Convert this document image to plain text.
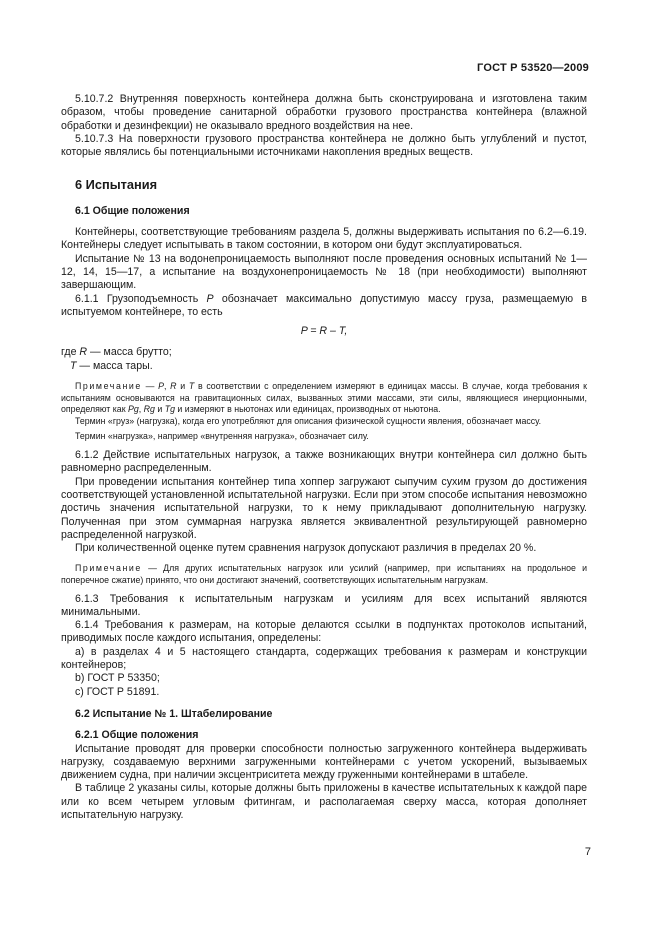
ГОСТ Р 53520—2009

5.10.7.2 Внутренняя поверхность контейнера должна быть сконструирована и изготовлена таким образом, чтобы проведение санитарной обработки грузового пространства контейнера (влажной обработки и дезинфекции) не оказывало вредного воздействия на нее.

5.10.7.3 На поверхности грузового пространства контейнера не должно быть углублений и пустот, которые являлись бы потенциальными источниками накопления вредных веществ.

6 Испытания

6.1 Общие положения

Контейнеры, соответствующие требованиям раздела 5, должны выдерживать испытания по 6.2—6.19. Контейнеры следует испытывать в таком состоянии, в котором они будут эксплуатироваться.

Испытание № 13 на водонепроницаемость выполняют после проведения основных испытаний № 1—12, 14, 15—17, а испытание на воздухонепроницаемость № 18 (при необходимости) выполняют завершающим.

6.1.1 Грузоподъемность P обозначает максимально допустимую массу груза, размещаемую в испытуемом контейнере, то есть

P = R – T,

где R — масса брутто;

T — масса тары.

Примечание — P, R и T в соответствии с определением измеряют в единицах массы. В случае, когда требования к испытаниям основываются на гравитационных силах, вызванных этими массами, эти силы, являющиеся инерционными, определяют как Pg, Rg и Tg и измеряют в ньютонах или единицах, производных от ньютона.

Термин «груз» (нагрузка), когда его употребляют для описания физической сущности явления, обозначает массу.

Термин «нагрузка», например «внутренняя нагрузка», обозначает силу.

6.1.2 Действие испытательных нагрузок, а также возникающих внутри контейнера сил должно быть равномерно распределенным.

При проведении испытания контейнер типа хоппер загружают сыпучим сухим грузом до достижения соответствующей установленной испытательной нагрузки. Если при этом способе испытания невозможно достичь значения испытательной нагрузки, то к нему прикладывают дополнительную нагрузку. Полученная при этом суммарная нагрузка является эквивалентной результирующей равномерно распределенной нагрузкой.

При количественной оценке путем сравнения нагрузок допускают различия в пределах 20 %.

Примечание — Для других испытательных нагрузок или усилий (например, при испытаниях на продольное и поперечное сжатие) принято, что они достигают значений, соответствующих испытательным нагрузкам.

6.1.3 Требования к испытательным нагрузкам и усилиям для всех испытаний являются минимальными.

6.1.4 Требования к размерам, на которые делаются ссылки в подпунктах протоколов испытаний, приводимых после каждого испытания, определены:

а) в разделах 4 и 5 настоящего стандарта, содержащих требования к размерам и конструкции контейнеров;

b) ГОСТ Р 53350;

c) ГОСТ Р 51891.

6.2 Испытание № 1. Штабелирование

6.2.1 Общие положения

Испытание проводят для проверки способности полностью загруженного контейнера выдерживать нагрузку, создаваемую верхними загруженными контейнерами с учетом ускорений, вызываемых движением судна, при наличии эксцентриситета между груженными контейнерами в штабеле.

В таблице 2 указаны силы, которые должны быть приложены в качестве испытательных к каждой паре или ко всем четырем угловым фитингам, и располагаемая сверху масса, которая дополняет испытательную нагрузку.

7
